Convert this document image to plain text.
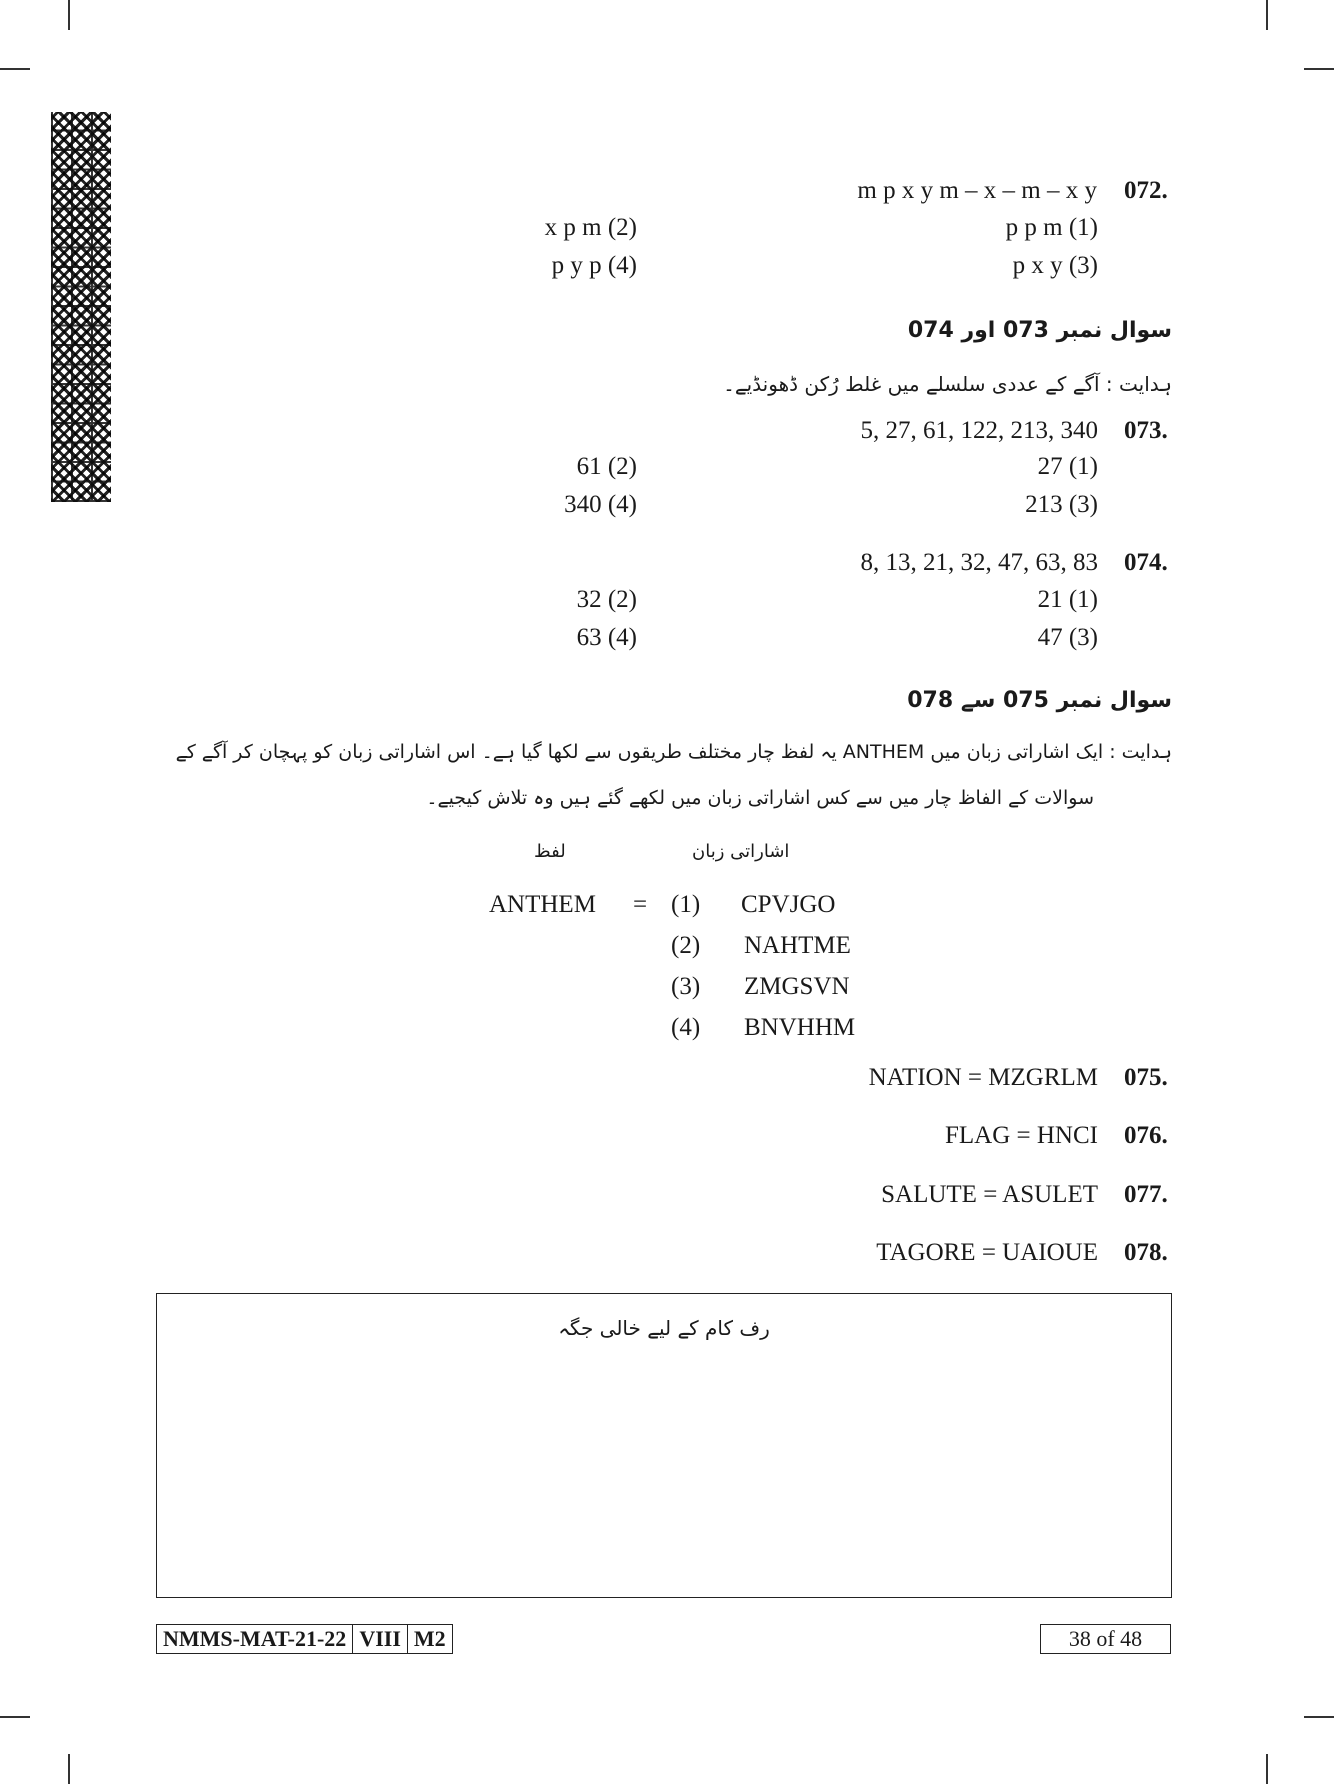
m p x y m – x – m – x y 072.
p p m (1)
x p m (2)
p x y (3)
p y p (4)
سوال نمبر 073 اور 074
ہدایت : آگے کے عددی سلسلے میں غلط رُکن ڈھونڈیے۔
5, 27, 61, 122, 213, 340 073.
27 (1)
61 (2)
213 (3)
340 (4)
8, 13, 21, 32, 47, 63, 83 074.
21 (1)
32 (2)
47 (3)
63 (4)
سوال نمبر 075 سے 078
ہدایت : ایک اشاراتی زبان میں ANTHEM یہ لفظ چار مختلف طریقوں سے لکھا گیا ہے۔ اس اشاراتی زبان کو پہچان کر آگے کے
سوالات کے الفاظ چار میں سے کس اشاراتی زبان میں لکھے گئے ہیں وہ تلاش کیجیے۔
لفظ	اشاراتی زبان
ANTHEM = (1) CPVJGO
(2) NAHTME
(3) ZMGSVN
(4) BNVHHM
NATION = MZGRLM 075.
FLAG = HNCI 076.
SALUTE = ASULET 077.
TAGORE = UAIOUE 078.
رف کام کے لیے خالی جگہ
NMMS-MAT-21-22 VIII M2	38 of 48
